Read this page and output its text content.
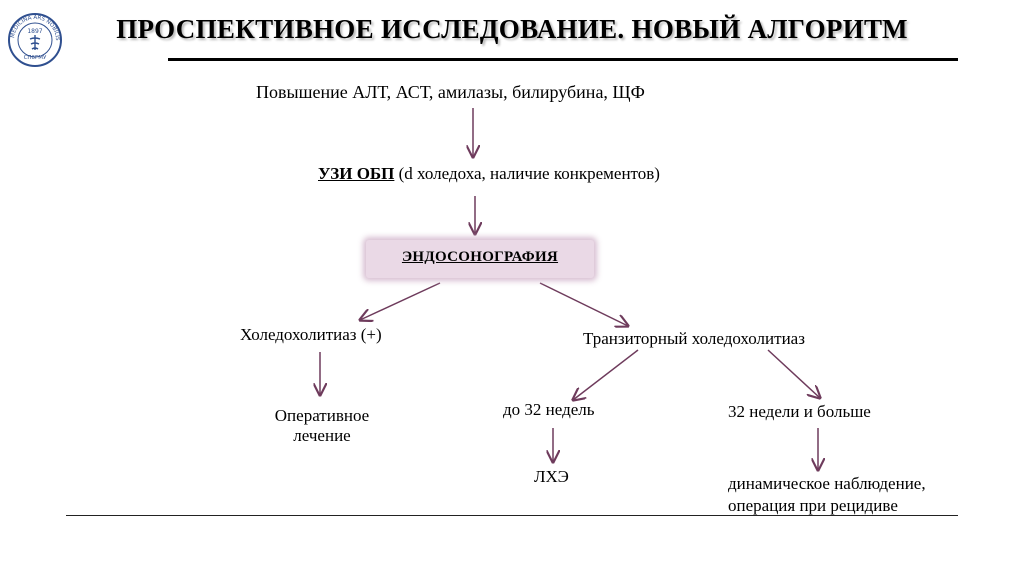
MEDICINA ARS NOBILIS
1897
СПбГМУ
ПРОСПЕКТИВНОЕ ИССЛЕДОВАНИЕ. НОВЫЙ АЛГОРИТМ
Повышение АЛТ, АСТ, амилазы, билирубина, ЩФ
УЗИ ОБП (d холедоха, наличие конкрементов)
ЭНДОСОНОГРАФИЯ
Холедохолитиаз (+)	Транзиторный холедохолитиаз
Оперативное
лечение
до 32 недель	32 недели и больше
ЛХЭ	динамическое наблюдение,
операция при рецидиве
